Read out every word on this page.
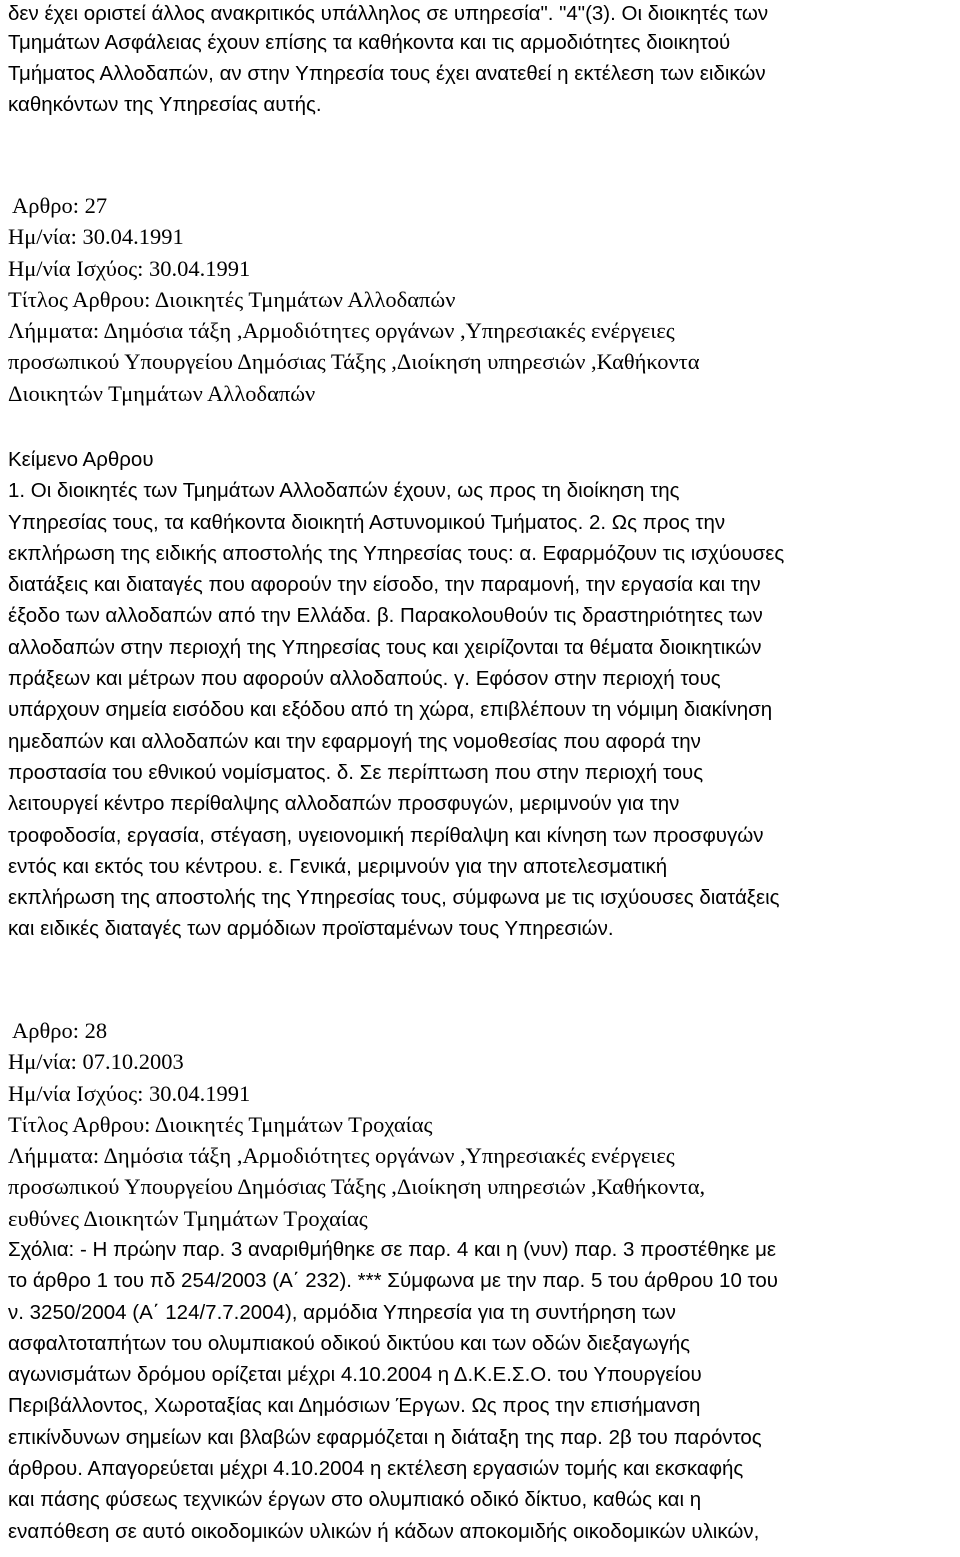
δεν έχει οριστεί άλλος ανακριτικός υπάλληλος σε υπηρεσία". "4"(3). Οι διοικητές των
Τμημάτων Ασφάλειας έχουν επίσης τα καθήκοντα και τις αρμοδιότητες διοικητού
Τμήματος Αλλοδαπών, αν στην Υπηρεσία τους έχει ανατεθεί η εκτέλεση των ειδικών
καθηκόντων της Υπηρεσίας αυτής.
Αρθρο: 27
Ημ/νία: 30.04.1991
Ημ/νία Ισχύος: 30.04.1991
Τίτλος Αρθρου: Διοικητές Τμημάτων Αλλοδαπών
Λήμματα: Δημόσια τάξη ,Αρμοδιότητες οργάνων ,Υπηρεσιακές ενέργειες
προσωπικού Υπουργείου Δημόσιας Τάξης ,Διοίκηση υπηρεσιών ,Καθήκοντα
Διοικητών Τμημάτων Αλλοδαπών
Κείμενο Αρθρου
1. Οι διοικητές των Τμημάτων Αλλοδαπών έχουν, ως προς τη διοίκηση της
Υπηρεσίας τους, τα καθήκοντα διοικητή Αστυνομικού Τμήματος. 2. Ως προς την
εκπλήρωση της ειδικής αποστολής της Υπηρεσίας τους: α. Εφαρμόζουν τις ισχύουσες
διατάξεις και διαταγές που αφορούν την είσοδο, την παραμονή, την εργασία και την
έξοδο των αλλοδαπών από την Ελλάδα. β. Παρακολουθούν τις δραστηριότητες των
αλλοδαπών στην περιοχή της Υπηρεσίας τους και χειρίζονται τα θέματα διοικητικών
πράξεων και μέτρων που αφορούν αλλοδαπούς. γ. Εφόσον στην περιοχή τους
υπάρχουν σημεία εισόδου και εξόδου από τη χώρα, επιβλέπουν τη νόμιμη διακίνηση
ημεδαπών και αλλοδαπών και την εφαρμογή της νομοθεσίας που αφορά την
προστασία του εθνικού νομίσματος. δ. Σε περίπτωση που στην περιοχή τους
λειτουργεί κέντρο περίθαλψης αλλοδαπών προσφυγών, μεριμνούν για την
τροφοδοσία, εργασία, στέγαση, υγειονομική περίθαλψη και κίνηση των προσφυγών
εντός και εκτός του κέντρου. ε. Γενικά, μεριμνούν για την αποτελεσματική
εκπλήρωση της αποστολής της Υπηρεσίας τους, σύμφωνα με τις ισχύουσες διατάξεις
και ειδικές διαταγές των αρμόδιων προϊσταμένων τους Υπηρεσιών.
Αρθρο: 28
Ημ/νία: 07.10.2003
Ημ/νία Ισχύος: 30.04.1991
Τίτλος Αρθρου: Διοικητές Τμημάτων Τροχαίας
Λήμματα: Δημόσια τάξη ,Αρμοδιότητες οργάνων ,Υπηρεσιακές ενέργειες
προσωπικού Υπουργείου Δημόσιας Τάξης ,Διοίκηση υπηρεσιών ,Καθήκοντα,
ευθύνες Διοικητών Τμημάτων Τροχαίας
Σχόλια: - Η πρώην παρ. 3 αναριθμήθηκε σε παρ. 4 και η (νυν) παρ. 3 προστέθηκε με
το άρθρο 1 του πδ 254/2003 (Α΄ 232). *** Σύμφωνα με την παρ. 5 του άρθρου 10 του
ν. 3250/2004 (Α΄ 124/7.7.2004), αρμόδια Υπηρεσία για τη συντήρηση των
ασφαλτοταπήτων του ολυμπιακού οδικού δικτύου και των οδών διεξαγωγής
αγωνισμάτων δρόμου ορίζεται μέχρι 4.10.2004 η Δ.Κ.Ε.Σ.Ο. του Υπουργείου
Περιβάλλοντος, Χωροταξίας και Δημόσιων Έργων. Ως προς την επισήμανση
επικίνδυνων σημείων και βλαβών εφαρμόζεται η διάταξη της παρ. 2β του παρόντος
άρθρου. Απαγορεύεται μέχρι 4.10.2004 η εκτέλεση εργασιών τομής και εκσκαφής
και πάσης φύσεως τεχνικών έργων στο ολυμπιακό οδικό δίκτυο, καθώς και η
εναπόθεση σε αυτό οικοδομικών υλικών ή κάδων αποκομιδής οικοδομικών υλικών,
